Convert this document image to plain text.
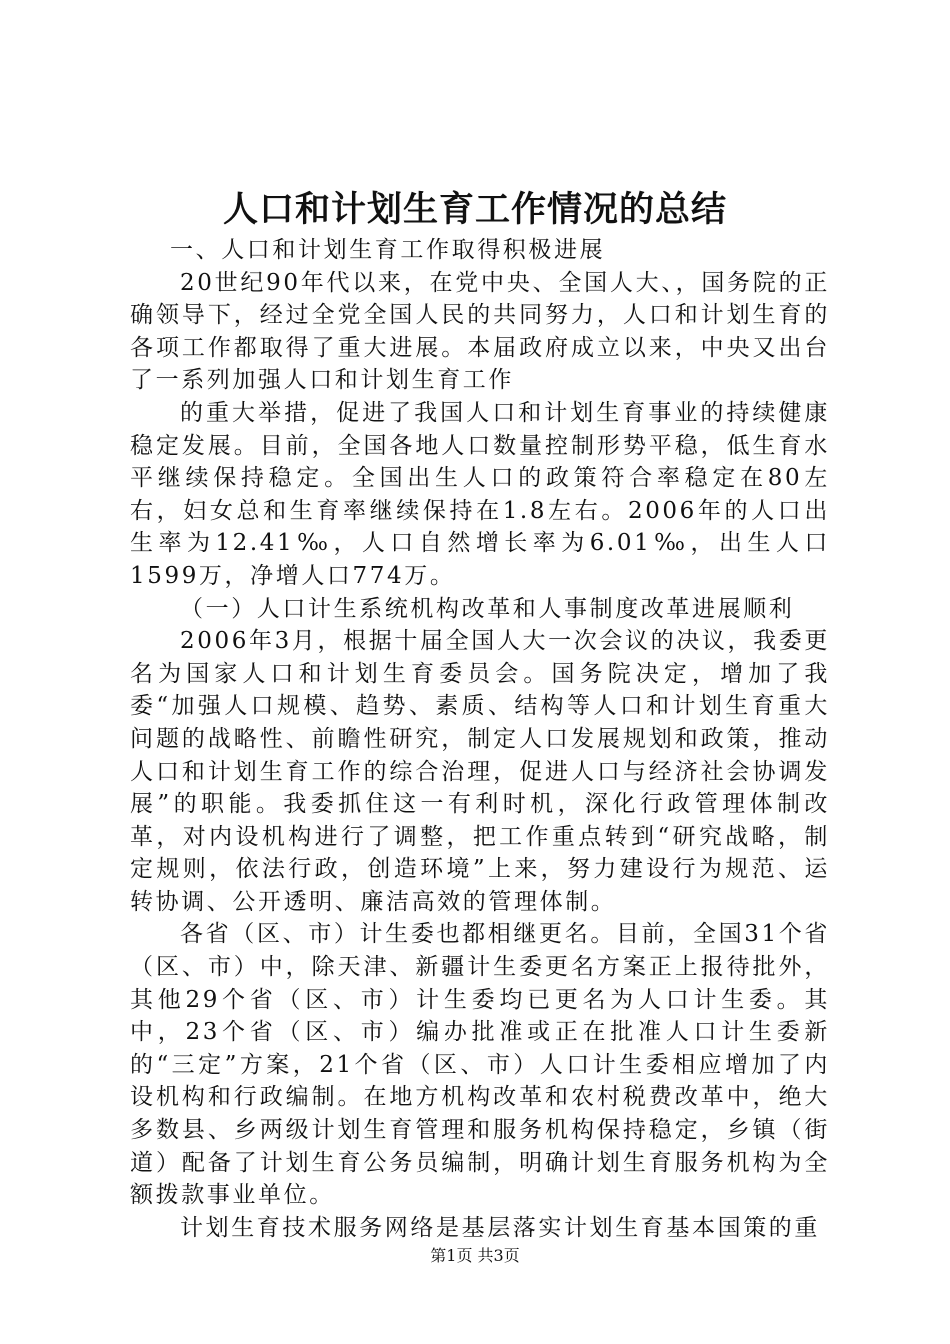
人口和计划生育工作情况的总结

一、人口和计划生育工作取得积极进展

20世纪90年代以来，在党中央、全国人大、，国务院的正确领导下，经过全党全国人民的共同努力，人口和计划生育的各项工作都取得了重大进展。本届政府成立以来，中央又出台了一系列加强人口和计划生育工作

的重大举措，促进了我国人口和计划生育事业的持续健康稳定发展。目前，全国各地人口数量控制形势平稳，低生育水平继续保持稳定。全国出生人口的政策符合率稳定在80左右，妇女总和生育率继续保持在1.8左右。2006年的人口出生率为12.41‰，人口自然增长率为6.01‰，出生人口1599万，净增人口774万。

（一）人口计生系统机构改革和人事制度改革进展顺利

2006年3月，根据十届全国人大一次会议的决议，我委更名为国家人口和计划生育委员会。国务院决定，增加了我委“加强人口规模、趋势、素质、结构等人口和计划生育重大问题的战略性、前瞻性研究，制定人口发展规划和政策，推动人口和计划生育工作的综合治理，促进人口与经济社会协调发展”的职能。我委抓住这一有利时机，深化行政管理体制改革，对内设机构进行了调整，把工作重点转到“研究战略，制定规则，依法行政，创造环境”上来，努力建设行为规范、运转协调、公开透明、廉洁高效的管理体制。

各省（区、市）计生委也都相继更名。目前，全国31个省（区、市）中，除天津、新疆计生委更名方案正上报待批外，其他29个省（区、市）计生委均已更名为人口计生委。其中，23个省（区、市）编办批准或正在批准人口计生委新的“三定”方案，21个省（区、市）人口计生委相应增加了内设机构和行政编制。在地方机构改革和农村税费改革中，绝大多数县、乡两级计划生育管理和服务机构保持稳定，乡镇（街道）配备了计划生育公务员编制，明确计划生育服务机构为全额拨款事业单位。

计划生育技术服务网络是基层落实计划生育基本国策的重

第1页 共3页
